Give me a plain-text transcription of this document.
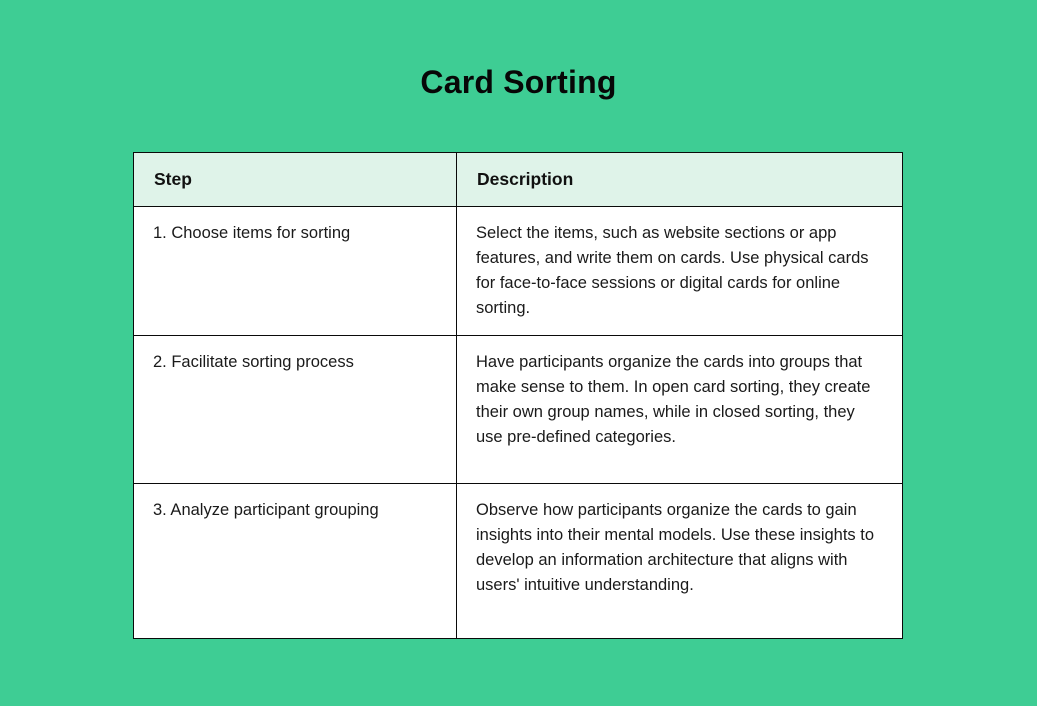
Card Sorting
Step	Description
1. Choose items for sorting	Select the items, such as website sections or app features, and write them on cards. Use physical cards for face-to-face sessions or digital cards for online sorting.
2. Facilitate sorting process	Have participants organize the cards into groups that make sense to them. In open card sorting, they create their own group names, while in closed sorting, they use pre-defined categories.
3. Analyze participant grouping	Observe how participants organize the cards to gain insights into their mental models. Use these insights to develop an information architecture that aligns with users' intuitive understanding.
